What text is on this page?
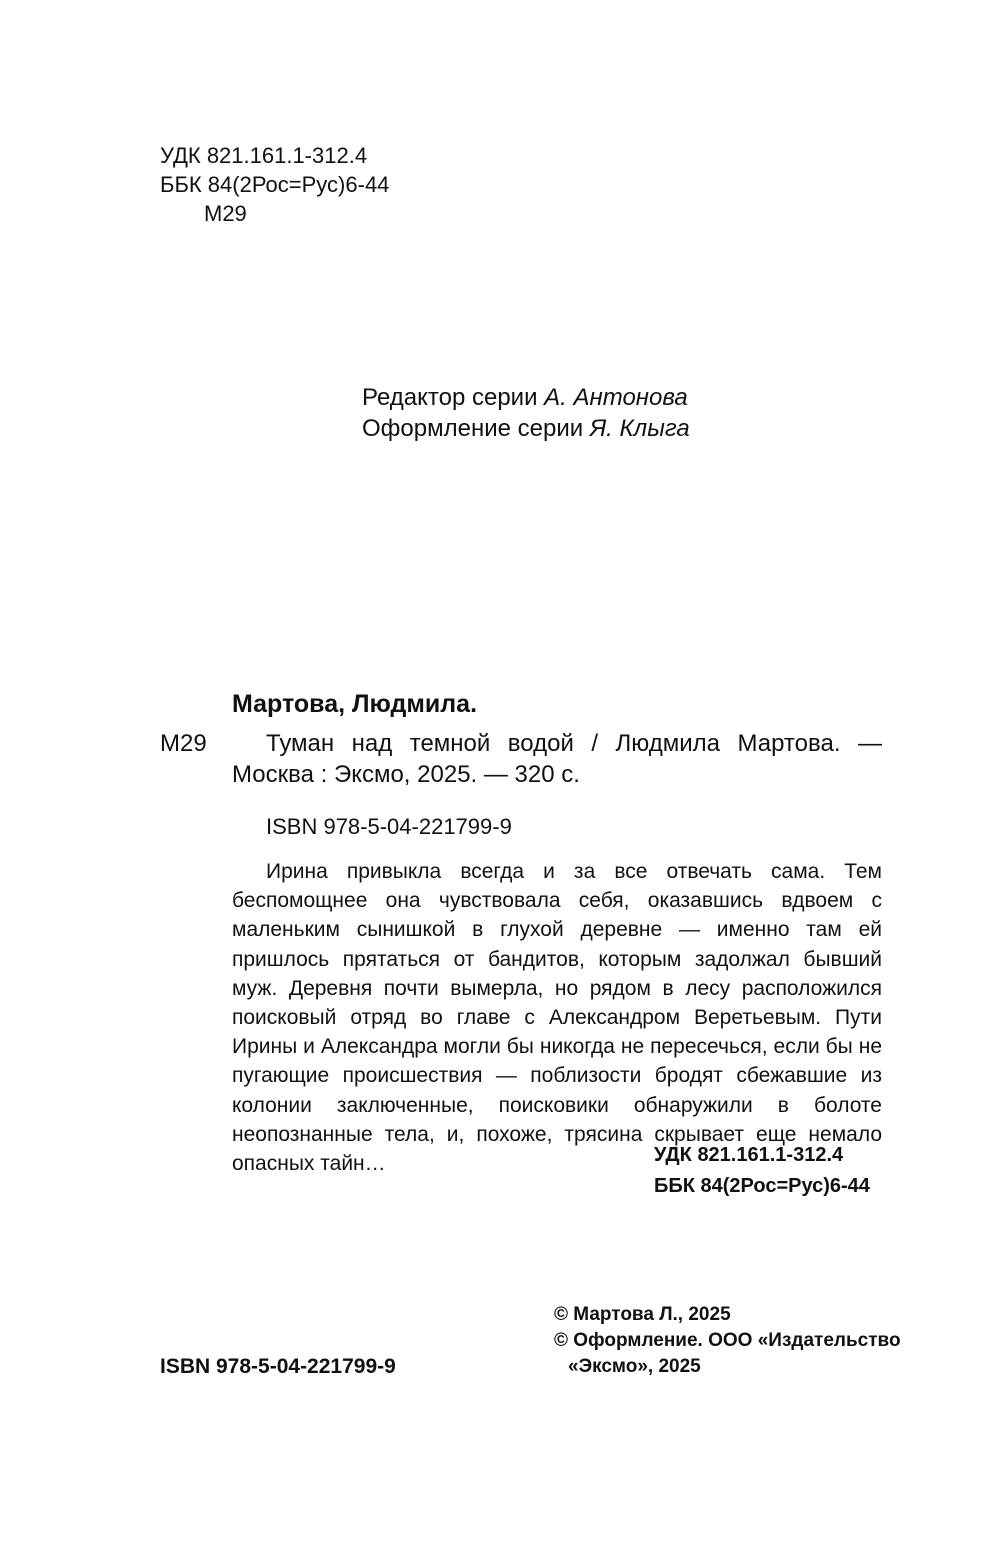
УДК 821.161.1-312.4
ББК 84(2Рос=Рус)6-44
М29
Редактор серии А. Антонова
Оформление серии Я. Клыга
Мартова, Людмила.
М29 Туман над темной водой / Людмила Мартова. —
Москва : Эксмо, 2025. — 320 с.
ISBN 978-5-04-221799-9

Ирина привыкла всегда и за все отвечать сама. Тем беспомощнее она чувствовала себя, оказавшись вдвоем с маленьким сынишкой в глухой деревне — именно там ей пришлось прятаться от бандитов, которым задолжал бывший муж. Деревня почти вымерла, но рядом в лесу расположился поисковый отряд во главе с Александром Веретьевым. Пути Ирины и Александра могли бы никогда не пересечься, если бы не пугающие происшествия — поблизости бродят сбежавшие из колонии заключенные, поисковики обнаружили в болоте неопознанные тела, и, похоже, трясина скрывает еще немало опасных тайн…	УДК 821.161.1-312.4
ББК 84(2Рос=Рус)6-44
ISBN 978-5-04-221799-9
© Мартова Л., 2025
© Оформление. ООО «Издательство
«Эксмо», 2025
